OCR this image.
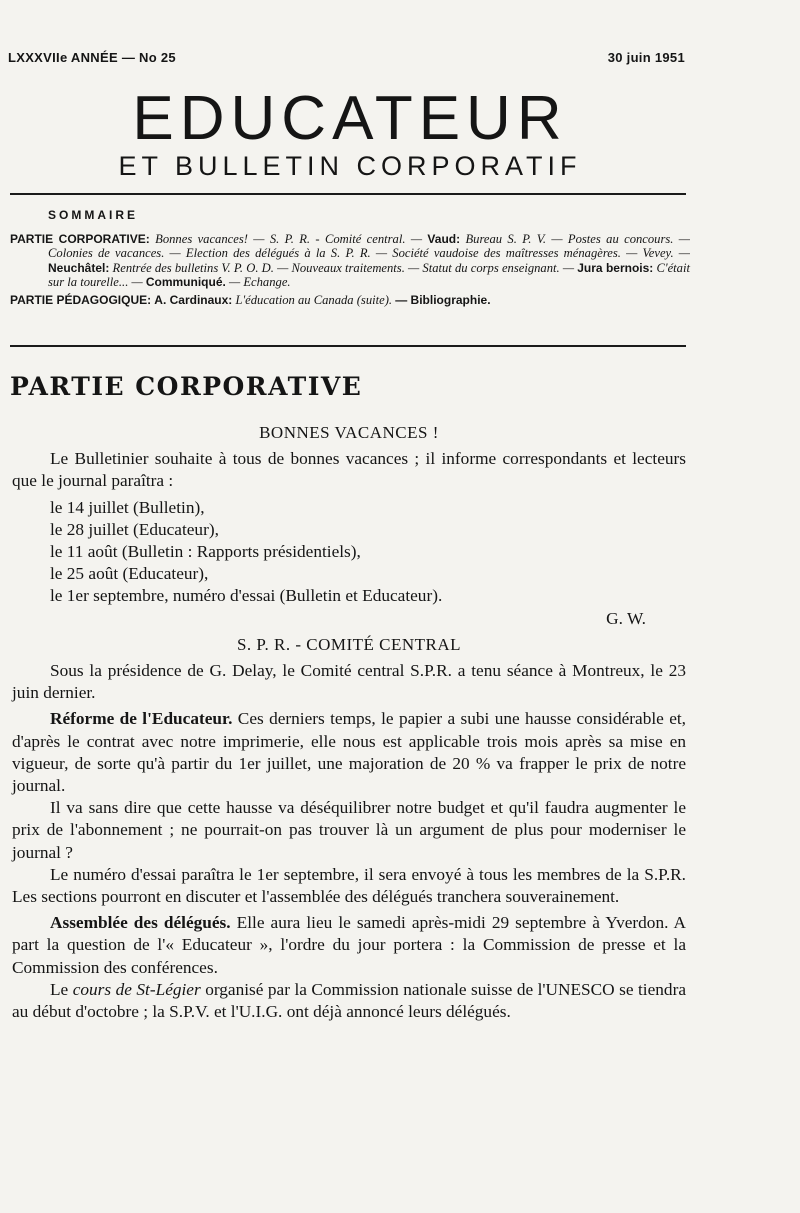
LXXXVIIe ANNÉE — No 25	30 juin 1951
EDUCATEUR
ET BULLETIN CORPORATIF
SOMMAIRE

PARTIE CORPORATIVE: Bonnes vacances! — S. P. R. - Comité central. — Vaud: Bureau S. P. V. — Postes au concours. — Colonies de vacances. — Election des délégués à la S. P. R. — Société vaudoise des maîtresses ménagères. — Vevey. — Neuchâtel: Rentrée des bulletins V. P. O. D. — Nouveaux traitements. — Statut du corps enseignant. — Jura bernois: C'était sur la tourelle... — Communiqué. — Echange.

PARTIE PÉDAGOGIQUE: A. Cardinaux: L'éducation au Canada (suite). — Bibliographie.

PARTIE CORPORATIVE

BONNES VACANCES !

Le Bulletinier souhaite à tous de bonnes vacances ; il informe correspondants et lecteurs que le journal paraîtra :

le 14 juillet (Bulletin),

le 28 juillet (Educateur),

le 11 août (Bulletin : Rapports présidentiels),

le 25 août (Educateur),

le 1er septembre, numéro d'essai (Bulletin et Educateur).

G. W.

S. P. R. - COMITÉ CENTRAL

Sous la présidence de G. Delay, le Comité central S.P.R. a tenu séance à Montreux, le 23 juin dernier.

Réforme de l'Educateur. Ces derniers temps, le papier a subi une hausse considérable et, d'après le contrat avec notre imprimerie, elle nous est applicable trois mois après sa mise en vigueur, de sorte qu'à partir du 1er juillet, une majoration de 20 % va frapper le prix de notre journal.

Il va sans dire que cette hausse va déséquilibrer notre budget et qu'il faudra augmenter le prix de l'abonnement ; ne pourrait-on pas trouver là un argument de plus pour moderniser le journal ?

Le numéro d'essai paraîtra le 1er septembre, il sera envoyé à tous les membres de la S.P.R. Les sections pourront en discuter et l'assemblée des délégués tranchera souverainement.

Assemblée des délégués. Elle aura lieu le samedi après-midi 29 septembre à Yverdon. A part la question de l'« Educateur », l'ordre du jour portera : la Commission de presse et la Commission des conférences.

Le cours de St-Légier organisé par la Commission nationale suisse de l'UNESCO se tiendra au début d'octobre ; la S.P.V. et l'U.I.G. ont déjà annoncé leurs délégués.
